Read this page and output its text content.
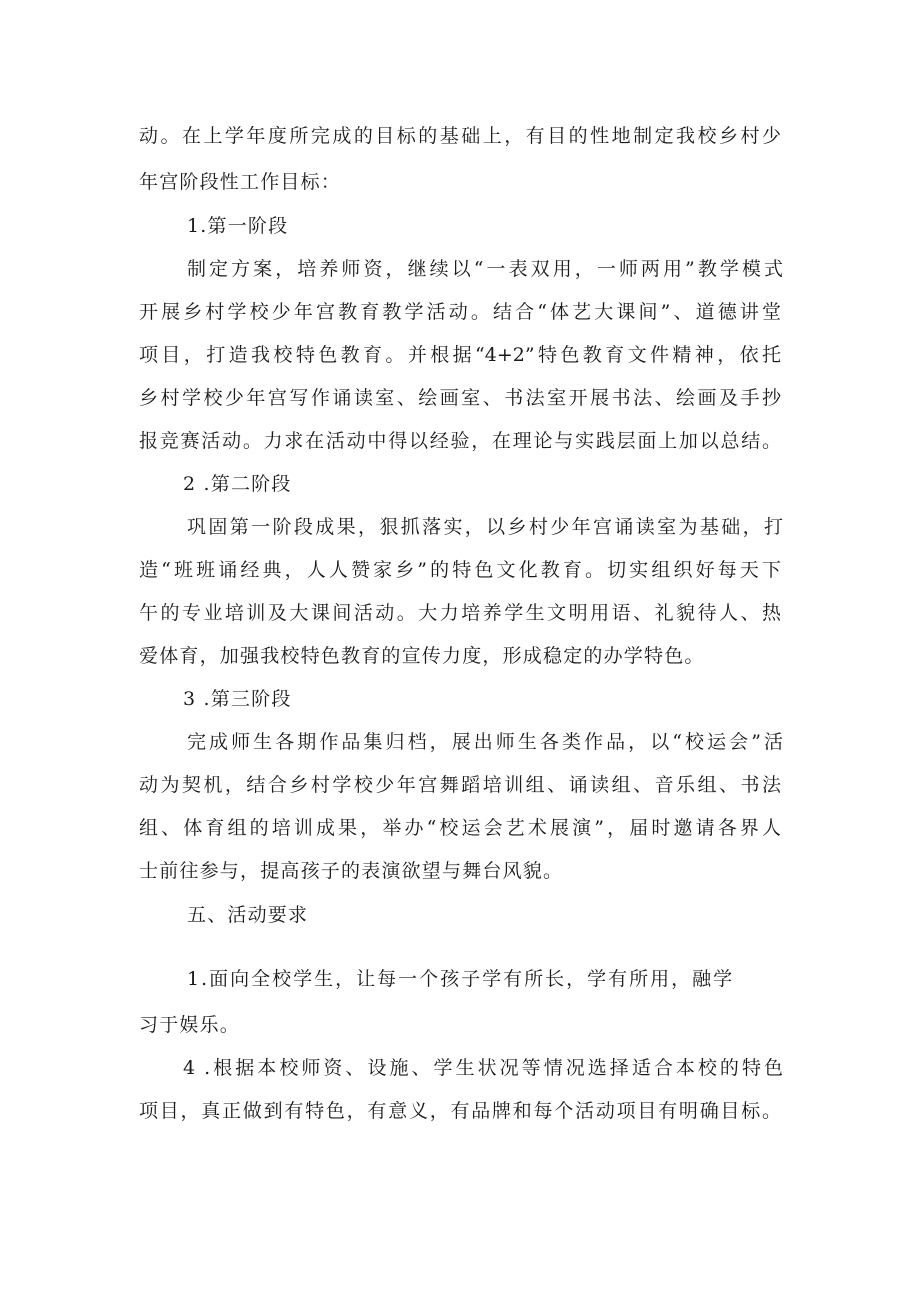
动。在上学年度所完成的目标的基础上，有目的性地制定我校乡村少
年宫阶段性工作目标：
1.第一阶段
制定方案，培养师资，继续以“一表双用，一师两用”教学模式
开展乡村学校少年宫教育教学活动。结合“体艺大课间”、道德讲堂
项目，打造我校特色教育。并根据“4+2”特色教育文件精神，依托
乡村学校少年宫写作诵读室、绘画室、书法室开展书法、绘画及手抄
报竞赛活动。力求在活动中得以经验，在理论与实践层面上加以总结。
2 .第二阶段
巩固第一阶段成果，狠抓落实，以乡村少年宫诵读室为基础，打
造“班班诵经典，人人赞家乡”的特色文化教育。切实组织好每天下
午的专业培训及大课间活动。大力培养学生文明用语、礼貌待人、热
爱体育，加强我校特色教育的宣传力度，形成稳定的办学特色。
3 .第三阶段
完成师生各期作品集归档，展出师生各类作品，以“校运会”活
动为契机，结合乡村学校少年宫舞蹈培训组、诵读组、音乐组、书法
组、体育组的培训成果，举办“校运会艺术展演”，届时邀请各界人
士前往参与，提高孩子的表演欲望与舞台风貌。
五、活动要求
1.面向全校学生，让每一个孩子学有所长，学有所用，融学
习于娱乐。
4 .根据本校师资、设施、学生状况等情况选择适合本校的特色
项目，真正做到有特色，有意义，有品牌和每个活动项目有明确目标。
